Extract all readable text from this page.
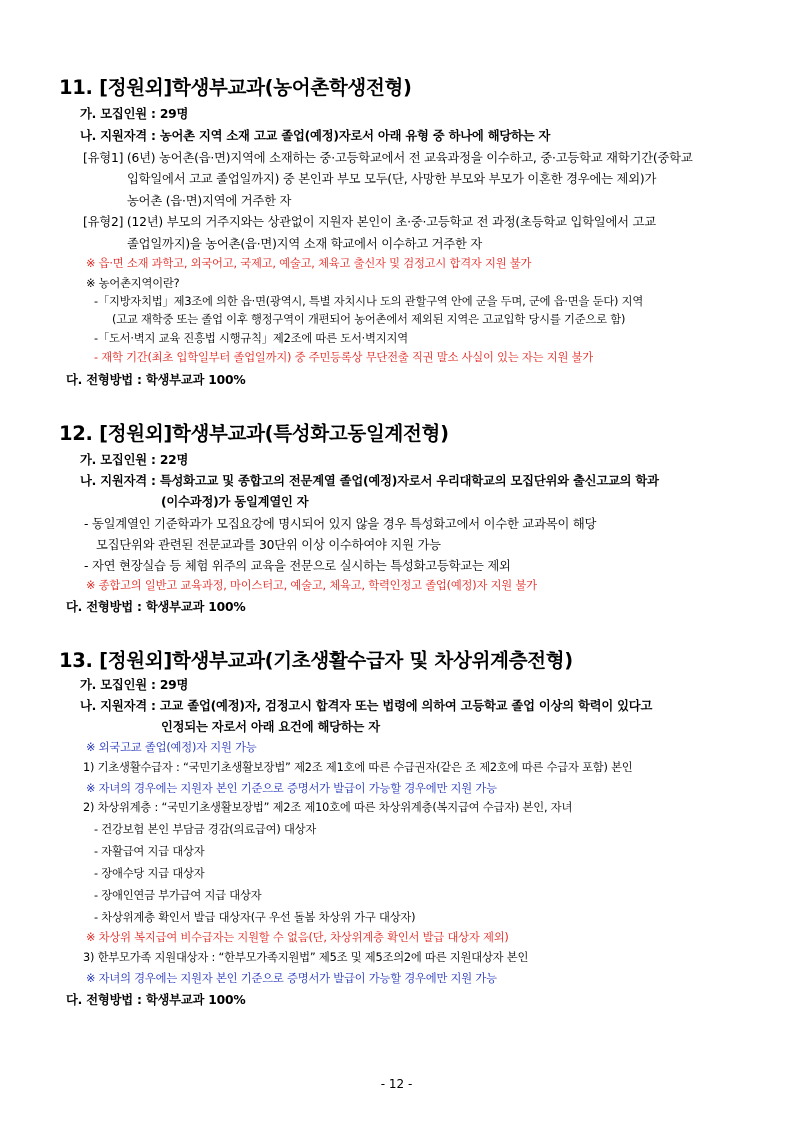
11. [정원외]학생부교과(농어촌학생전형)
가. 모집인원 : 29명
나. 지원자격 : 농어촌 지역 소재 고교 졸업(예정)자로서 아래 유형 중 하나에 해당하는 자
[유형1] (6년) 농어촌(읍·면)지역에 소재하는 중·고등학교에서 전 교육과정을 이수하고, 중·고등학교 재학기간(중학교
입학일에서 고교 졸업일까지) 중 본인과 부모 모두(단, 사망한 부모와 부모가 이혼한 경우에는 제외)가
농어촌 (읍·면)지역에 거주한 자
[유형2] (12년) 부모의 거주지와는 상관없이 지원자 본인이 초·중·고등학교 전 과정(초등학교 입학일에서 고교
졸업일까지)을 농어촌(읍·면)지역 소재 학교에서 이수하고 거주한 자
※ 읍·면 소재 과학고, 외국어고, 국제고, 예술고, 체육고 출신자 및 검정고시 합격자 지원 불가
※ 농어촌지역이란?
-「지방자치법」제3조에 의한 읍·면(광역시, 특별 자치시나 도의 관할구역 안에 군을 두며, 군에 읍·면을 둔다) 지역
(고교 재학중 또는 졸업 이후 행정구역이 개편되어 농어촌에서 제외된 지역은 고교입학 당시를 기준으로 함)
-「도서·벽지 교육 진흥법 시행규칙」제2조에 따른 도서·벽지지역
- 재학 기간(최초 입학일부터 졸업일까지) 중 주민등록상 무단전출 직권 말소 사실이 있는 자는 지원 불가
다. 전형방법 : 학생부교과 100%
12. [정원외]학생부교과(특성화고동일계전형)
가. 모집인원 : 22명
나. 지원자격 : 특성화고교 및 종합고의 전문계열 졸업(예정)자로서 우리대학교의 모집단위와 출신고교의 학과
(이수과정)가 동일계열인 자
- 동일계열인 기준학과가 모집요강에 명시되어 있지 않을 경우 특성화고에서 이수한 교과목이 해당
모집단위와 관련된 전문교과를 30단위 이상 이수하여야 지원 가능
- 자연 현장실습 등 체험 위주의 교육을 전문으로 실시하는 특성화고등학교는 제외
※ 종합고의 일반고 교육과정, 마이스터고, 예술고, 체육고, 학력인정고 졸업(예정)자 지원 불가
다. 전형방법 : 학생부교과 100%
13. [정원외]학생부교과(기초생활수급자 및 차상위계층전형)
가. 모집인원 : 29명
나. 지원자격 : 고교 졸업(예정)자, 검정고시 합격자 또는 법령에 의하여 고등학교 졸업 이상의 학력이 있다고
인정되는 자로서 아래 요건에 해당하는 자
※ 외국고교 졸업(예정)자 지원 가능
1) 기초생활수급자 : “국민기초생활보장법” 제2조 제1호에 따른 수급권자(같은 조 제2호에 따른 수급자 포함) 본인
※ 자녀의 경우에는 지원자 본인 기준으로 증명서가 발급이 가능할 경우에만 지원 가능
2) 차상위계층 : “국민기초생활보장법” 제2조 제10호에 따른 차상위계층(복지급여 수급자) 본인, 자녀
- 건강보험 본인 부담금 경감(의료급여) 대상자
- 자활급여 지급 대상자
- 장애수당 지급 대상자
- 장애인연금 부가급여 지급 대상자
- 차상위계층 확인서 발급 대상자(구 우선 돌봄 차상위 가구 대상자)
※ 차상위 복지급여 비수급자는 지원할 수 없음(단, 차상위계층 확인서 발급 대상자 제외)
3) 한부모가족 지원대상자 : “한부모가족지원법” 제5조 및 제5조의2에 따른 지원대상자 본인
※ 자녀의 경우에는 지원자 본인 기준으로 증명서가 발급이 가능할 경우에만 지원 가능
다. 전형방법 : 학생부교과 100%
- 12 -
